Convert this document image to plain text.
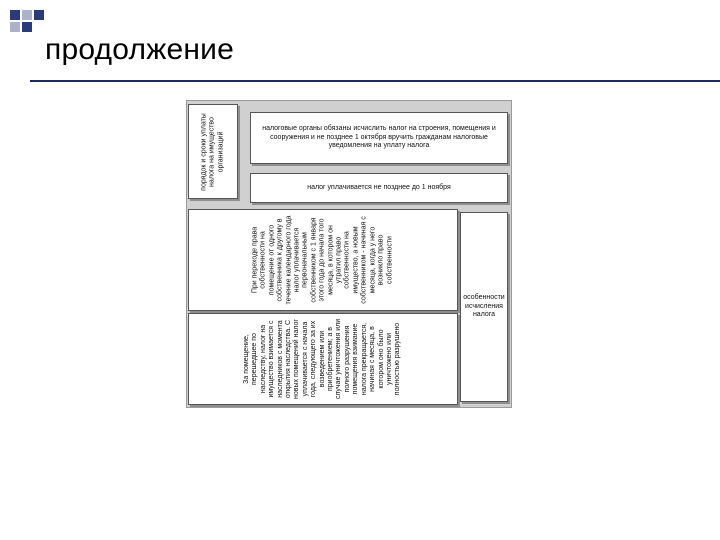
продолжение
порядок и сроки уплаты налога на имущество организаций
налоговые органы обязаны исчислить налог на строения, помещения и сооружения и не позднее 1 октября вручить гражданам налоговые уведомления на уплату налога
налог уплачивается не позднее до 1 ноября
При переходе права собственности на помещение от одного собственника к другому в течение календарного года налог уплачивается первоначальным собственником с 1 января этого года до начала того месяца, в котором он утратил право собственности на имущество, а новым собственником - начиная с месяца, когда у него возникло право собственности
За помещение, перешедшее по наследству, налог на имущество взимается с наследников с момента открытия наследства. С новых помещений налог уплачивается с начала года, следующего за их возведением или приобретением; а в случае уничтожения или полного разрушения помещения взимание налога прекращается, начиная с месяца, в котором оно было уничтожено или полностью разрушено
особенности исчисления налога
